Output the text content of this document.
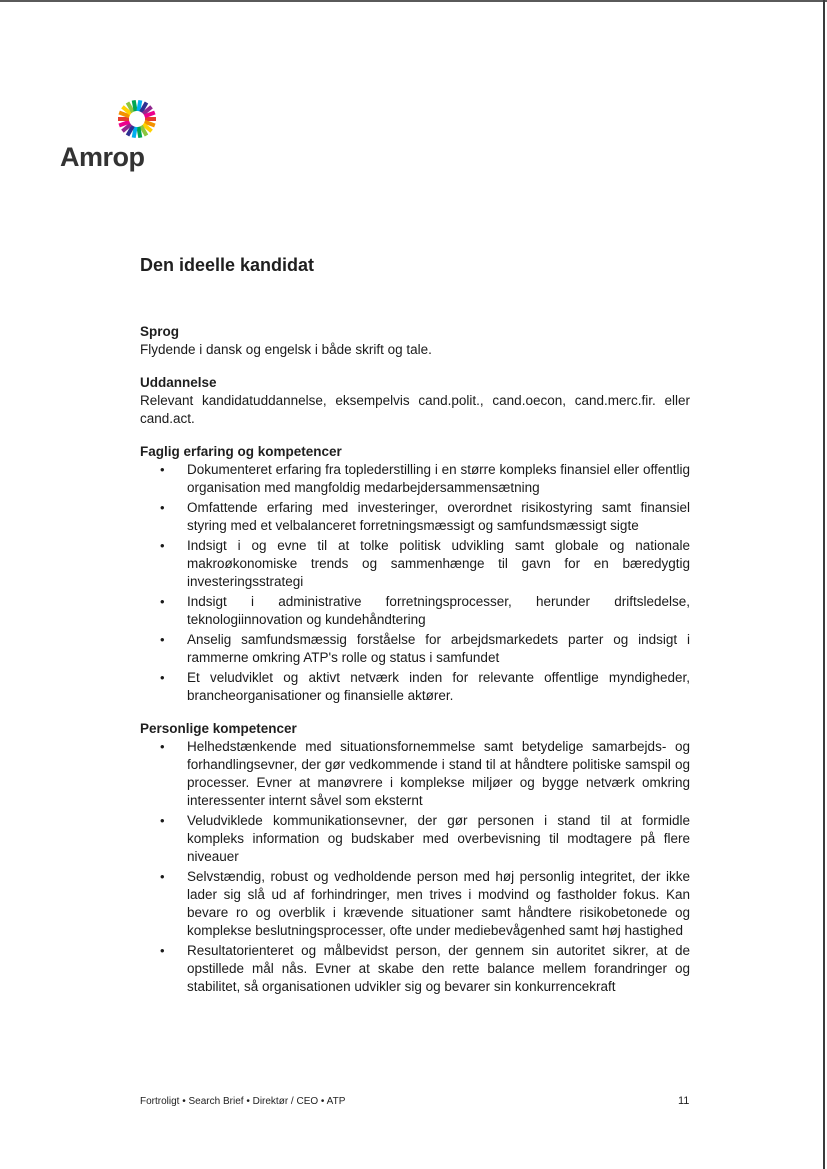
Amrop
Den ideelle kandidat
Sprog

Flydende i dansk og engelsk i både skrift og tale.

Uddannelse

Relevant kandidatuddannelse, eksempelvis cand.polit., cand.oecon, cand.merc.fir. eller cand.act.

Faglig erfaring og kompetencer
• Dokumenteret erfaring fra toplederstilling i en større kompleks finansiel eller offentlig organisation med mangfoldig medarbejdersammensætning
• Omfattende erfaring med investeringer, overordnet risikostyring samt finansiel styring med et velbalanceret forretningsmæssigt og samfundsmæssigt sigte
• Indsigt i og evne til at tolke politisk udvikling samt globale og nationale makroøkonomiske trends og sammenhænge til gavn for en bæredygtig investeringsstrategi
• Indsigt i administrative forretningsprocesser, herunder driftsledelse, teknologiinnovation og kundehåndtering
• Anselig samfundsmæssig forståelse for arbejdsmarkedets parter og indsigt i rammerne omkring ATP's rolle og status i samfundet
• Et veludviklet og aktivt netværk inden for relevante offentlige myndigheder, brancheorganisationer og finansielle aktører.
Personlige kompetencer
• Helhedstænkende med situationsfornemmelse samt betydelige samarbejds- og forhandlingsevner, der gør vedkommende i stand til at håndtere politiske samspil og processer. Evner at manøvrere i komplekse miljøer og bygge netværk omkring interessenter internt såvel som eksternt
• Veludviklede kommunikationsevner, der gør personen i stand til at formidle kompleks information og budskaber med overbevisning til modtagere på flere niveauer
• Selvstændig, robust og vedholdende person med høj personlig integritet, der ikke lader sig slå ud af forhindringer, men trives i modvind og fastholder fokus. Kan bevare ro og overblik i krævende situationer samt håndtere risikobetonede og komplekse beslutningsprocesser, ofte under mediebevågenhed samt høj hastighed
• Resultatorienteret og målbevidst person, der gennem sin autoritet sikrer, at de opstillede mål nås. Evner at skabe den rette balance mellem forandringer og stabilitet, så organisationen udvikler sig og bevarer sin konkurrencekraft
Fortroligt • Search Brief • Direktør / CEO • ATP	11
